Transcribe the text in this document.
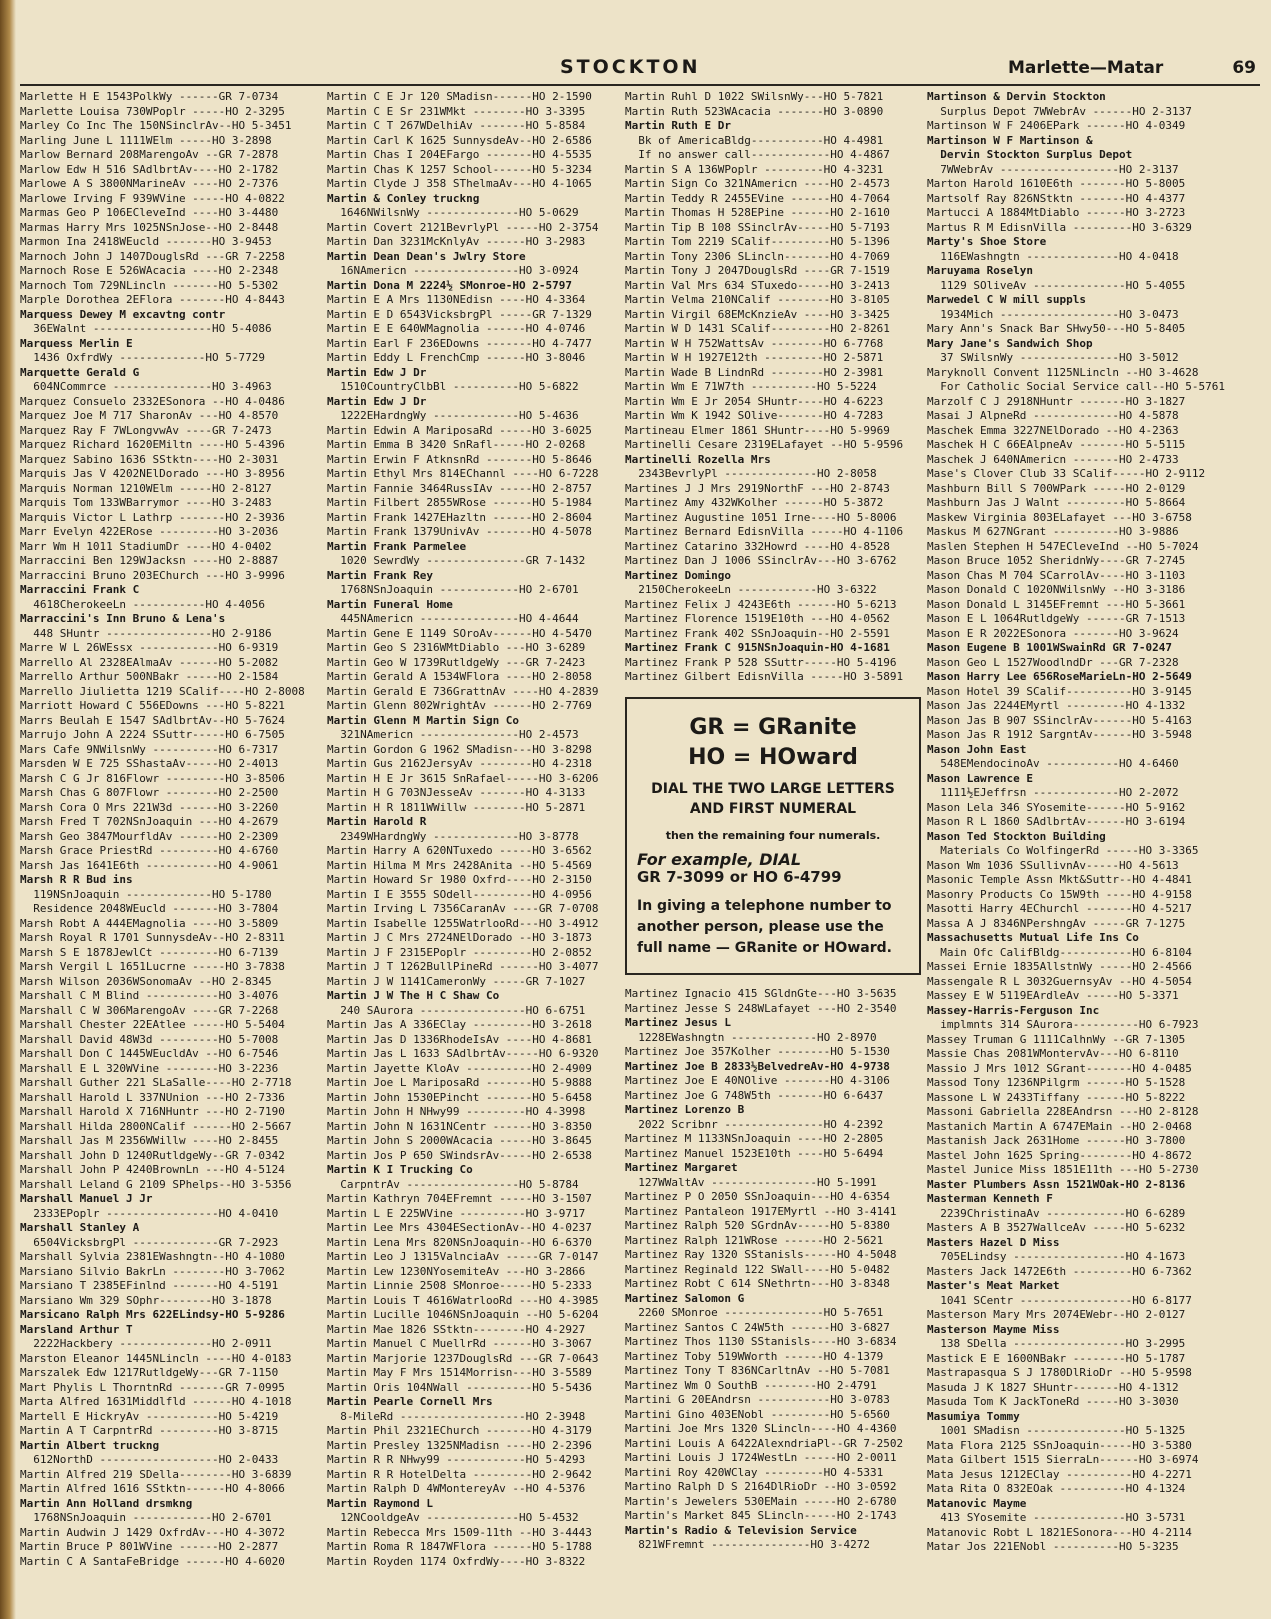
STOCKTON	Marlette—Matar	69
Marlette H E 1543PolkWy ------GR 7-0734
Marlette Louisa 730WPoplr -----HO 2-3295
Marley Co Inc The 150NSinclrAv--HO 5-3451
Marling June L 1111WElm -----HO 3-2898
Marlow Bernard 208MarengoAv --GR 7-2878
Marlow Edw H 516 SAdlbrtAv----HO 2-1782
Marlowe A S 3800NMarineAv ----HO 2-7376
Marlowe Irving F 939WVine -----HO 4-0822
Marmas Geo P 106ECleveInd ----HO 3-4480
Marmas Harry Mrs 1025NSnJose--HO 2-8448
Marmon Ina 2418WEucld -------HO 3-9453
Marnoch John J 1407DouglsRd ---GR 7-2258
Marnoch Rose E 526WAcacia ----HO 2-2348
Marnoch Tom 729NLincln -------HO 5-5302
Marple Dorothea 2EFlora -------HO 4-8443
Marquess Dewey M excavtng contr
36EWalnt ------------------HO 5-4086
Marquess Merlin E
1436 OxfrdWy -------------HO 5-7729
Marquette Gerald G
604NCommrce ---------------HO 3-4963
Marquez Consuelo 2332ESonora --HO 4-0486
Marquez Joe M 717 SharonAv ---HO 4-8570
Marquez Ray F 7WLongvwAv ----GR 7-2473
Marquez Richard 1620EMiltn ----HO 5-4396
Marquez Sabino 1636 SStktn----HO 2-3031
Marquis Jas V 4202NElDorado ---HO 3-8956
Marquis Norman 1210WElm -----HO 2-8127
Marquis Tom 133WBarrymor ----HO 3-2483
Marquis Victor L Lathrp -------HO 2-3936
Marr Evelyn 422ERose ---------HO 3-2036
Marr Wm H 1011 StadiumDr ----HO 4-0402
Marraccini Ben 129WJacksn ----HO 2-8887
Marraccini Bruno 203EChurch ---HO 3-9996
Marraccini Frank C
4618CherokeeLn -----------HO 4-4056
Marraccini's Inn Bruno & Lena's
448 SHuntr ----------------HO 2-9186
Marre W L 26WEssx ------------HO 6-9319
Marrello Al 2328EAlmaAv ------HO 5-2082
Marrello Arthur 500NBakr -----HO 2-1584
Marrello Jiulietta 1219 SCalif----HO 2-8008
Marriott Howard C 556EDowns ---HO 5-8221
Marrs Beulah E 1547 SAdlbrtAv--HO 5-7624
Marrujo John A 2224 SSuttr-----HO 6-7505
Mars Cafe 9NWilsnWy ----------HO 6-7317
Marsden W E 725 SShastaAv-----HO 2-4013
Marsh C G Jr 816Flowr ---------HO 3-8506
Marsh Chas G 807Flowr --------HO 2-2500
Marsh Cora O Mrs 221W3d ------HO 3-2260
Marsh Fred T 702NSnJoaquin ---HO 4-2679
Marsh Geo 3847MourfldAv ------HO 2-2309
Marsh Grace PriestRd ---------HO 4-6760
Marsh Jas 1641E6th -----------HO 4-9061
Marsh R R Bud ins
119NSnJoaquin -------------HO 5-1780
Residence 2048WEucld -------HO 3-7804
Marsh Robt A 444EMagnolia ----HO 3-5809
Marsh Royal R 1701 SunnysdeAv--HO 2-8311
Marsh S E 1878JewlCt ---------HO 6-7139
Marsh Vergil L 1651Lucrne -----HO 3-7838
Marsh Wilson 2036WSonomaAv --HO 2-8345
Marshall C M Blind -----------HO 3-4076
Marshall C W 306MarengoAv ----GR 7-2268
Marshall Chester 22EAtlee -----HO 5-5404
Marshall David 48W3d ---------HO 5-7008
Marshall Don C 1445WEucldAv --HO 6-7546
Marshall E L 320WVine --------HO 3-2236
Marshall Guther 221 SLaSalle----HO 2-7718
Marshall Harold L 337NUnion ---HO 2-7336
Marshall Harold X 716NHuntr ---HO 2-7190
Marshall Hilda 2800NCalif ------HO 2-5667
Marshall Jas M 2356WWillw ----HO 2-8455
Marshall John D 1240RutldgeWy--GR 7-0342
Marshall John P 4240BrownLn ---HO 4-5124
Marshall Leland G 2109 SPhelps--HO 3-5356
Marshall Manuel J Jr
2333EPoplr -----------------HO 4-0410
Marshall Stanley A
6504VicksbrgPl -------------GR 7-2923
Marshall Sylvia 2381EWashngtn--HO 4-1080
Marsiano Silvio BakrLn --------HO 3-7062
Marsiano T 2385EFinlnd -------HO 4-5191
Marsiano Wm 329 SOphr--------HO 3-1878
Marsicano Ralph Mrs 622ELindsy-HO 5-9286
Marsland Arthur T
2222Hackbery --------------HO 2-0911
Marston Eleanor 1445NLincln ----HO 4-0183
Marszalek Edw 1217RutldgeWy---GR 7-1150
Mart Phylis L ThorntnRd -------GR 7-0995
Marta Alfred 1631Middlfld ------HO 4-1018
Martell E HickryAv -----------HO 5-4219
Martin A T CarpntrRd ---------HO 3-8715
Martin Albert truckng
612NorthD ------------------HO 2-0433
Martin Alfred 219 SDella--------HO 3-6839
Martin Alfred 1616 SStktn------HO 4-8066
Martin Ann Holland drsmkng
1768NSnJoaquin ------------HO 2-6701
Martin Audwin J 1429 OxfrdAv---HO 4-3072
Martin Bruce P 801WVine ------HO 2-2877
Martin C A SantaFeBridge ------HO 4-6020
Martin C E Jr 120 SMadisn------HO 2-1590
Martin C E Sr 231WMkt --------HO 3-3395
Martin C T 267WDelhiAv -------HO 5-8584
Martin Carl K 1625 SunnysdeAv--HO 2-6586
Martin Chas I 204EFargo -------HO 4-5535
Martin Chas K 1257 School------HO 5-3234
Martin Clyde J 358 SThelmaAv---HO 4-1065
Martin & Conley truckng
1646NWilsnWy --------------HO 5-0629
Martin Covert 2121BevrlyPl -----HO 2-3754
Martin Dan 3231McKnlyAv ------HO 3-2983
Martin Dean Dean's Jwlry Store
16NAmericn ----------------HO 3-0924
Martin Dona M 2224½ SMonroe-HO 2-5797
Martin E A Mrs 1130NEdisn ----HO 4-3364
Martin E D 6543VicksbrgPl -----GR 7-1329
Martin E E 640WMagnolia ------HO 4-0746
Martin Earl F 236EDowns -------HO 4-7477
Martin Eddy L FrenchCmp ------HO 3-8046
Martin Edw J Dr
1510CountryClbBl ----------HO 5-6822
Martin Edw J Dr
1222EHardngWy -------------HO 5-4636
Martin Edwin A MariposaRd -----HO 3-6025
Martin Emma B 3420 SnRafl-----HO 2-0268
Martin Erwin F AtknsnRd -------HO 5-8646
Martin Ethyl Mrs 814EChannl ----HO 6-7228
Martin Fannie 3464RussIAv -----HO 2-8757
Martin Filbert 2855WRose ------HO 5-1984
Martin Frank 1427EHazltn ------HO 2-8604
Martin Frank 1379UnivAv -------HO 4-5078
Martin Frank Parmelee
1020 SewrdWy ---------------GR 7-1432
Martin Frank Rey
1768NSnJoaquin ------------HO 2-6701
Martin Funeral Home
445NAmericn ---------------HO 4-4644
Martin Gene E 1149 SOroAv------HO 4-5470
Martin Geo S 2316WMtDiablo ---HO 3-6289
Martin Geo W 1739RutldgeWy ---GR 7-2423
Martin Gerald A 1534WFlora ----HO 2-8058
Martin Gerald E 736GrattnAv ----HO 4-2839
Martin Glenn 802WrightAv ------HO 2-7769
Martin Glenn M Martin Sign Co
321NAmericn ---------------HO 2-4573
Martin Gordon G 1962 SMadisn---HO 3-8298
Martin Gus 2162JersyAv --------HO 4-2318
Martin H E Jr 3615 SnRafael-----HO 3-6206
Martin H G 703NJesseAv -------HO 4-3133
Martin H R 1811WWillw --------HO 5-2871
Martin Harold R
2349WHardngWy -------------HO 3-8778
Martin Harry A 620NTuxedo -----HO 3-6562
Martin Hilma M Mrs 2428Anita --HO 5-4569
Martin Howard Sr 1980 Oxfrd----HO 2-3150
Martin I E 3555 SOdell---------HO 4-0956
Martin Irving L 7356CaranAv ----GR 7-0708
Martin Isabelle 1255WatrlooRd---HO 3-4912
Martin J C Mrs 2724NElDorado --HO 3-1873
Martin J F 2315EPoplr ---------HO 2-0852
Martin J T 1262BullPineRd ------HO 3-4077
Martin J W 1141CameronWy -----GR 7-1027
Martin J W The H C Shaw Co
240 SAurora ----------------HO 6-6751
Martin Jas A 336EClay ---------HO 3-2618
Martin Jas D 1336RhodeIsAv ----HO 4-8681
Martin Jas L 1633 SAdlbrtAv-----HO 6-9320
Martin Jayette KloAv ----------HO 2-4909
Martin Joe L MariposaRd -------HO 5-9888
Martin John 1530EPincht -------HO 5-6458
Martin John H NHwy99 ---------HO 4-3998
Martin John N 1631NCentr ------HO 3-8350
Martin John S 2000WAcacia -----HO 3-8645
Martin Jos P 650 SWindsrAv-----HO 2-6538
Martin K I Trucking Co
CarpntrAv -----------------HO 5-8784
Martin Kathryn 704EFremnt -----HO 3-1507
Martin L E 225WVine ----------HO 3-9717
Martin Lee Mrs 4304ESectionAv--HO 4-0237
Martin Lena Mrs 820NSnJoaquin--HO 6-6370
Martin Leo J 1315ValnciaAv -----GR 7-0147
Martin Lew 1230NYosemiteAv ---HO 3-2866
Martin Linnie 2508 SMonroe-----HO 5-2333
Martin Louis T 4616WatrlooRd ---HO 4-3985
Martin Lucille 1046NSnJoaquin --HO 5-6204
Martin Mae 1826 SStktn--------HO 4-2927
Martin Manuel C MuellrRd ------HO 3-3067
Martin Marjorie 1237DouglsRd ---GR 7-0643
Martin May F Mrs 1514Morrisn---HO 3-5589
Martin Oris 104NWall ----------HO 5-5436
Martin Pearle Cornell Mrs
8-MileRd -------------------HO 2-3948
Martin Phil 2321EChurch -------HO 4-3179
Martin Presley 1325NMadisn ----HO 2-2396
Martin R R NHwy99 ------------HO 5-4293
Martin R R HotelDelta ---------HO 2-9642
Martin Ralph D 4WMontereyAv --HO 4-5376
Martin Raymond L
12NCooldgeAv --------------HO 5-4532
Martin Rebecca Mrs 1509-11th --HO 3-4443
Martin Roma R 1847WFlora ------HO 5-1788
Martin Royden 1174 OxfrdWy----HO 3-8322
Martin Ruhl D 1022 SWilsnWy---HO 5-7821
Martin Ruth 523WAcacia -------HO 3-0890
Martin Ruth E Dr
Bk of AmericaBldg-----------HO 4-4981
If no answer call------------HO 4-4867
Martin S A 136WPoplr ---------HO 4-3231
Martin Sign Co 321NAmericn ----HO 2-4573
Martin Teddy R 2455EVine ------HO 4-7064
Martin Thomas H 528EPine ------HO 2-1610
Martin Tip B 108 SSinclrAv-----HO 5-7193
Martin Tom 2219 SCalif---------HO 5-1396
Martin Tony 2306 SLincln-------HO 4-7069
Martin Tony J 2047DouglsRd ----GR 7-1519
Martin Val Mrs 634 STuxedo-----HO 3-2413
Martin Velma 210NCalif --------HO 3-8105
Martin Virgil 68EMcKnzieAv ----HO 3-3425
Martin W D 1431 SCalif---------HO 2-8261
Martin W H 752WattsAv --------HO 6-7768
Martin W H 1927E12th ---------HO 2-5871
Martin Wade B LindnRd --------HO 2-3981
Martin Wm E 71W7th ----------HO 5-5224
Martin Wm E Jr 2054 SHuntr----HO 4-6223
Martin Wm K 1942 SOlive-------HO 4-7283
Martineau Elmer 1861 SHuntr----HO 5-9969
Martinelli Cesare 2319ELafayet --HO 5-9596
Martinelli Rozella Mrs
2343BevrlyPl --------------HO 2-8058
Martines J J Mrs 2919NorthF ---HO 2-8743
Martinez Amy 432WKolher ------HO 5-3872
Martinez Augustine 1051 Irne----HO 5-8006
Martinez Bernard EdisnVilla -----HO 4-1106
Martinez Catarino 332Howrd ----HO 4-8528
Martinez Dan J 1006 SSinclrAv---HO 3-6762
Martinez Domingo
2150CherokeeLn ------------HO 3-6322
Martinez Felix J 4243E6th ------HO 5-6213
Martinez Florence 1519E10th ---HO 4-0562
Martinez Frank 402 SSnJoaquin--HO 2-5591
Martinez Frank C 915NSnJoaquin-HO 4-1681
Martinez Frank P 528 SSuttr-----HO 5-4196
Martinez Gilbert EdisnVilla -----HO 3-5891
GR = GRanite
HO = HOward
DIAL THE TWO LARGE LETTERS AND FIRST NUMERAL
then the remaining four numerals.
For example, DIAL
GR 7-3099 or HO 6-4799
In giving a telephone number to another person, please use the full name — GRanite or HOward.
Martinez Ignacio 415 SGldnGte---HO 3-5635
Martinez Jesse S 248WLafayet ---HO 2-3540
Martinez Jesus L
1228EWashngtn -------------HO 2-8970
Martinez Joe 357Kolher --------HO 5-1530
Martinez Joe B 2833½BelvedreAv-HO 4-9738
Martinez Joe E 40NOlive -------HO 4-3106
Martinez Joe G 748W5th -------HO 6-6437
Martinez Lorenzo B
2022 Scribnr ---------------HO 4-2392
Martinez M 1133NSnJoaquin ----HO 2-2805
Martinez Manuel 1523E10th ----HO 5-6494
Martinez Margaret
127WWaltAv ----------------HO 5-1991
Martinez P O 2050 SSnJoaquin---HO 4-6354
Martinez Pantaleon 1917EMyrtl --HO 3-4141
Martinez Ralph 520 SGrdnAv-----HO 5-8380
Martinez Ralph 121WRose ------HO 2-5621
Martinez Ray 1320 SStanisls-----HO 4-5048
Martinez Reginald 122 SWall----HO 5-0482
Martinez Robt C 614 SNethrtn---HO 3-8348
Martinez Salomon G
2260 SMonroe ---------------HO 5-7651
Martinez Santos C 24W5th ------HO 3-6827
Martinez Thos 1130 SStanisls----HO 3-6834
Martinez Toby 519WWorth ------HO 4-1379
Martinez Tony T 836NCarltnAv --HO 5-7081
Martinez Wm O SouthB --------HO 2-4791
Martini G 20EAndrsn -----------HO 3-0783
Martini Gino 403ENobl ---------HO 5-6560
Martini Joe Mrs 1320 SLincln----HO 4-4360
Martini Louis A 6422AlexndriaPl--GR 7-2502
Martini Louis J 1724WestLn -----HO 2-0011
Martini Roy 420WClay ---------HO 4-5331
Martino Ralph D S 2164DlRioDr --HO 3-0592
Martin's Jewelers 530EMain -----HO 2-6780
Martin's Market 845 SLincln-----HO 2-1743
Martin's Radio & Television Service
821WFremnt ---------------HO 3-4272
Martinson & Dervin Stockton
Surplus Depot 7WWebrAv ------HO 2-3137
Martinson W F 2406EPark ------HO 4-0349
Martinson W F Martinson &
Dervin Stockton Surplus Depot
7WWebrAv ------------------HO 2-3137
Marton Harold 1610E6th -------HO 5-8005
Martsolf Ray 826NStktn -------HO 4-4377
Martucci A 1884MtDiablo ------HO 3-2723
Martus R M EdisnVilla ---------HO 3-6329
Marty's Shoe Store
116EWashngtn --------------HO 4-0418
Maruyama Roselyn
1129 SOliveAv --------------HO 5-4055
Marwedel C W mill suppls
1934Mich ------------------HO 3-0473
Mary Ann's Snack Bar SHwy50---HO 5-8405
Mary Jane's Sandwich Shop
37 SWilsnWy ---------------HO 3-5012
Maryknoll Convent 1125NLincln --HO 3-4628
For Catholic Social Service call--HO 5-5761
Marzolf C J 2918NHuntr -------HO 3-1827
Masai J AlpneRd -------------HO 4-5878
Maschek Emma 3227NElDorado --HO 4-2363
Maschek H C 66EAlpneAv -------HO 5-5115
Maschek J 640NAmericn -------HO 2-4733
Mase's Clover Club 33 SCalif-----HO 2-9112
Mashburn Bill S 700WPark -----HO 2-0129
Mashburn Jas J Walnt ---------HO 5-8664
Maskew Virginia 803ELafayet ---HO 3-6758
Maskus M 627NGrant ----------HO 3-9886
Maslen Stephen H 547ECleveInd --HO 5-7024
Mason Bruce 1052 SheridnWy----GR 7-2745
Mason Chas M 704 SCarrolAv----HO 3-1103
Mason Donald C 1020NWilsnWy --HO 3-3186
Mason Donald L 3145EFremnt ---HO 5-3661
Mason E L 1064RutldgeWy ------GR 7-1513
Mason E R 2022ESonora -------HO 3-9624
Mason Eugene B 1001WSwainRd GR 7-0247
Mason Geo L 1527WoodlndDr ---GR 7-2328
Mason Harry Lee 656RoseMarieLn-HO 2-5649
Mason Hotel 39 SCalif----------HO 3-9145
Mason Jas 2244EMyrtl ---------HO 4-1332
Mason Jas B 907 SSinclrAv------HO 5-4163
Mason Jas R 1912 SargntAv------HO 3-5948
Mason John East
548EMendocinoAv -----------HO 4-6460
Mason Lawrence E
1111½EJeffrsn -------------HO 2-2072
Mason Lela 346 SYosemite------HO 5-9162
Mason R L 1860 SAdlbrtAv------HO 3-6194
Mason Ted Stockton Building
Materials Co WolfingerRd -----HO 3-3365
Mason Wm 1036 SSullivnAv-----HO 4-5613
Masonic Temple Assn Mkt&Suttr--HO 4-4841
Masonry Products Co 15W9th ----HO 4-9158
Masotti Harry 4EChurchl -------HO 4-5217
Massa A J 8346NPershngAv -----GR 7-1275
Massachusetts Mutual Life Ins Co
Main Ofc CalifBldg-----------HO 6-8104
Massei Ernie 1835AllstnWy -----HO 2-4566
Massengale R L 3032GuernsyAv --HO 4-5054
Massey E W 5119EArdleAv -----HO 5-3371
Massey-Harris-Ferguson Inc
implmnts 314 SAurora----------HO 6-7923
Massey Truman G 1111CalhnWy --GR 7-1305
Massie Chas 2081WMontervAv---HO 6-8110
Massio J Mrs 1012 SGrant-------HO 4-0485
Massod Tony 1236NPilgrm ------HO 5-1528
Massone L W 2433Tiffany ------HO 5-8222
Massoni Gabriella 228EAndrsn ---HO 2-8128
Mastanich Martin A 6747EMain --HO 2-0468
Mastanish Jack 2631Home ------HO 3-7800
Mastel John 1625 Spring--------HO 4-8672
Mastel Junice Miss 1851E11th ---HO 5-2730
Master Plumbers Assn 1521WOak-HO 2-8136
Masterman Kenneth F
2239ChristinaAv ------------HO 6-6289
Masters A B 3527WallceAv -----HO 5-6232
Masters Hazel D Miss
705ELindsy -----------------HO 4-1673
Masters Jack 1472E6th ---------HO 6-7362
Master's Meat Market
1041 SCentr -----------------HO 6-8177
Masterson Mary Mrs 2074EWebr--HO 2-0127
Masterson Mayme Miss
138 SDella -----------------HO 3-2995
Mastick E E 1600NBakr --------HO 5-1787
Mastrapasqua S J 1780DlRioDr --HO 5-9598
Masuda J K 1827 SHuntr-------HO 4-1312
Masuda Tom K JackToneRd -----HO 3-3030
Masumiya Tommy
1001 SMadisn ---------------HO 5-1325
Mata Flora 2125 SSnJoaquin-----HO 3-5380
Mata Gilbert 1515 SierraLn------HO 3-6974
Mata Jesus 1212EClay ----------HO 4-2271
Mata Rita O 832EOak ----------HO 4-1324
Matanovic Mayme
413 SYosemite --------------HO 3-5731
Matanovic Robt L 1821ESonora---HO 4-2114
Matar Jos 221ENobl ----------HO 5-3235
